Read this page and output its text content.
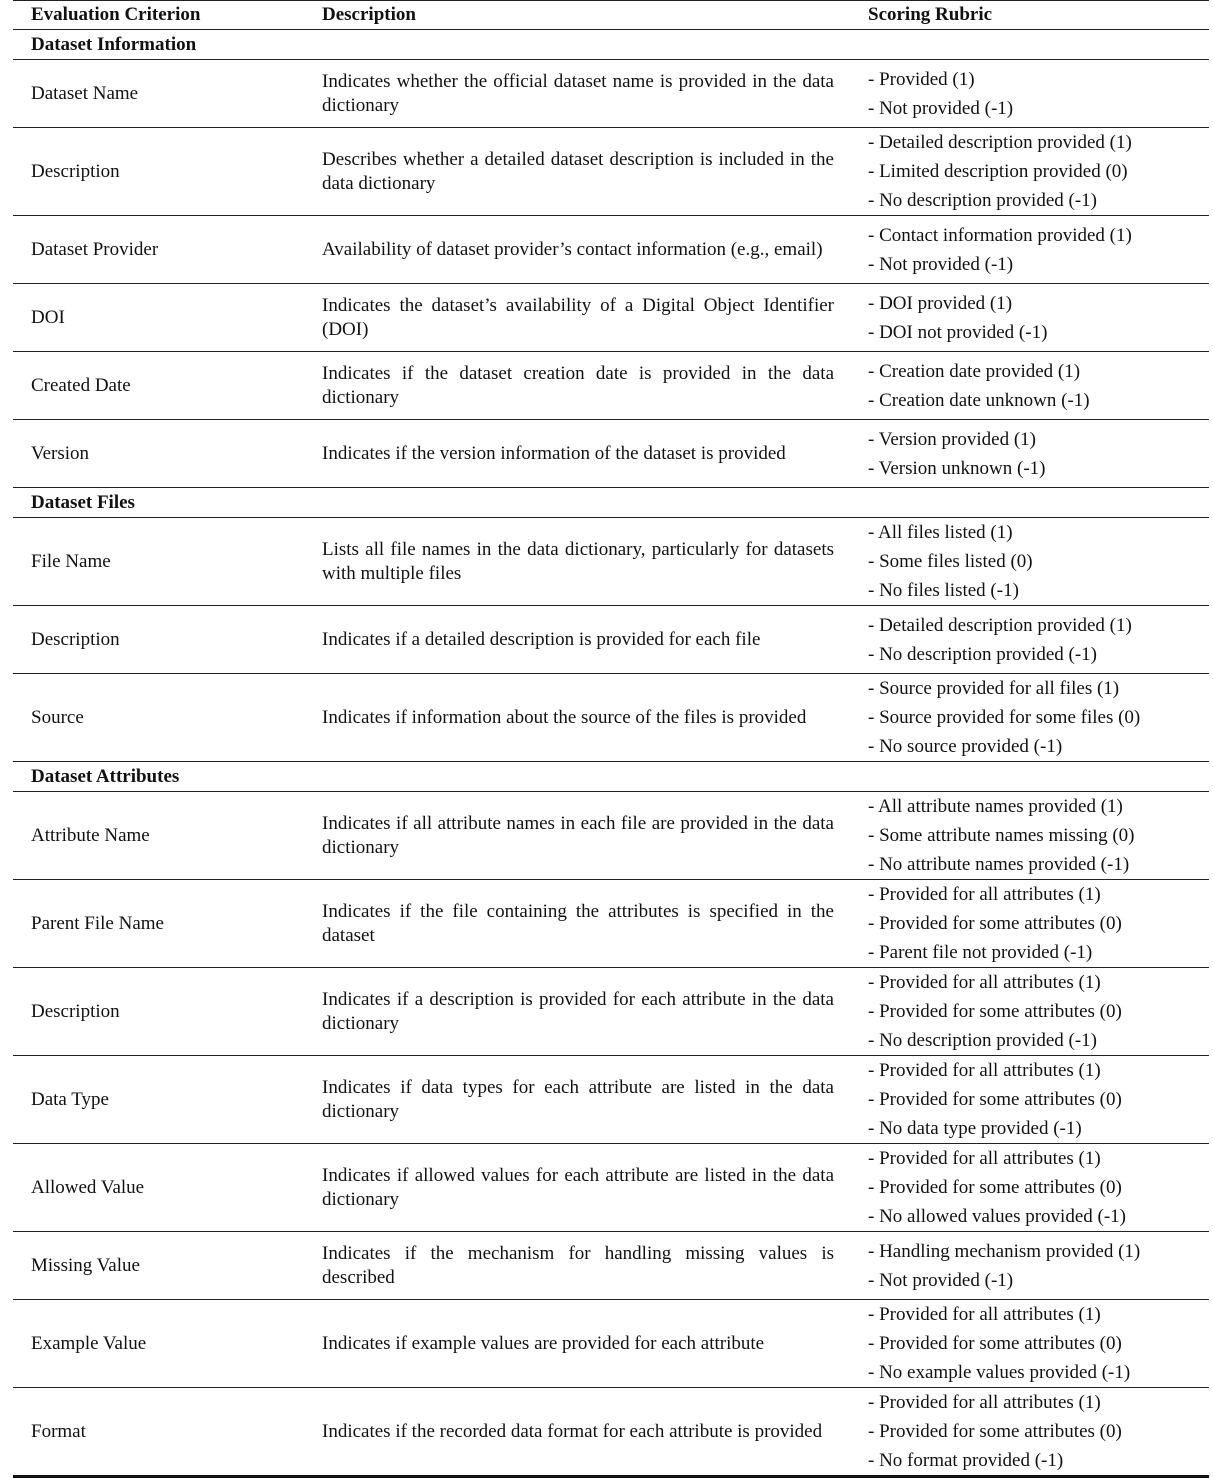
Evaluation Criterion	Description	Scoring Rubric
Dataset Information		
Dataset Name	Indicates whether the official dataset name is provided in the data dictionary	- Provided (1)
- Not provided (-1)

Description	Describes whether a detailed dataset description is included in the data dictionary	- Detailed description provided (1)
- Limited description provided (0)
- No description provided (-1)

Dataset Provider	Availability of dataset provider’s contact information (e.g., email)	- Contact information provided (1)
- Not provided (-1)

DOI	Indicates the dataset’s availability of a Digital Object Identifier (DOI)	- DOI provided (1)
- DOI not provided (-1)

Created Date	Indicates if the dataset creation date is provided in the data dictionary	- Creation date provided (1)
- Creation date unknown (-1)

Version	Indicates if the version information of the dataset is provided	- Version provided (1)
- Version unknown (-1)

Dataset Files		
File Name	Lists all file names in the data dictionary, particularly for datasets with multiple files	- All files listed (1)
- Some files listed (0)
- No files listed (-1)

Description	Indicates if a detailed description is provided for each file	- Detailed description provided (1)
- No description provided (-1)

Source	Indicates if information about the source of the files is provided	- Source provided for all files (1)
- Source provided for some files (0)
- No source provided (-1)

Dataset Attributes		
Attribute Name	Indicates if all attribute names in each file are provided in the data dictionary	- All attribute names provided (1)
- Some attribute names missing (0)
- No attribute names provided (-1)

Parent File Name	Indicates if the file containing the attributes is specified in the dataset	- Provided for all attributes (1)
- Provided for some attributes (0)
- Parent file not provided (-1)

Description	Indicates if a description is provided for each attribute in the data dictionary	- Provided for all attributes (1)
- Provided for some attributes (0)
- No description provided (-1)

Data Type	Indicates if data types for each attribute are listed in the data dictionary	- Provided for all attributes (1)
- Provided for some attributes (0)
- No data type provided (-1)

Allowed Value	Indicates if allowed values for each attribute are listed in the data dictionary	- Provided for all attributes (1)
- Provided for some attributes (0)
- No allowed values provided (-1)

Missing Value	Indicates if the mechanism for handling missing values is described	- Handling mechanism provided (1)
- Not provided (-1)

Example Value	Indicates if example values are provided for each attribute	- Provided for all attributes (1)
- Provided for some attributes (0)
- No example values provided (-1)

Format	Indicates if the recorded data format for each attribute is provided	- Provided for all attributes (1)
- Provided for some attributes (0)
- No format provided (-1)
